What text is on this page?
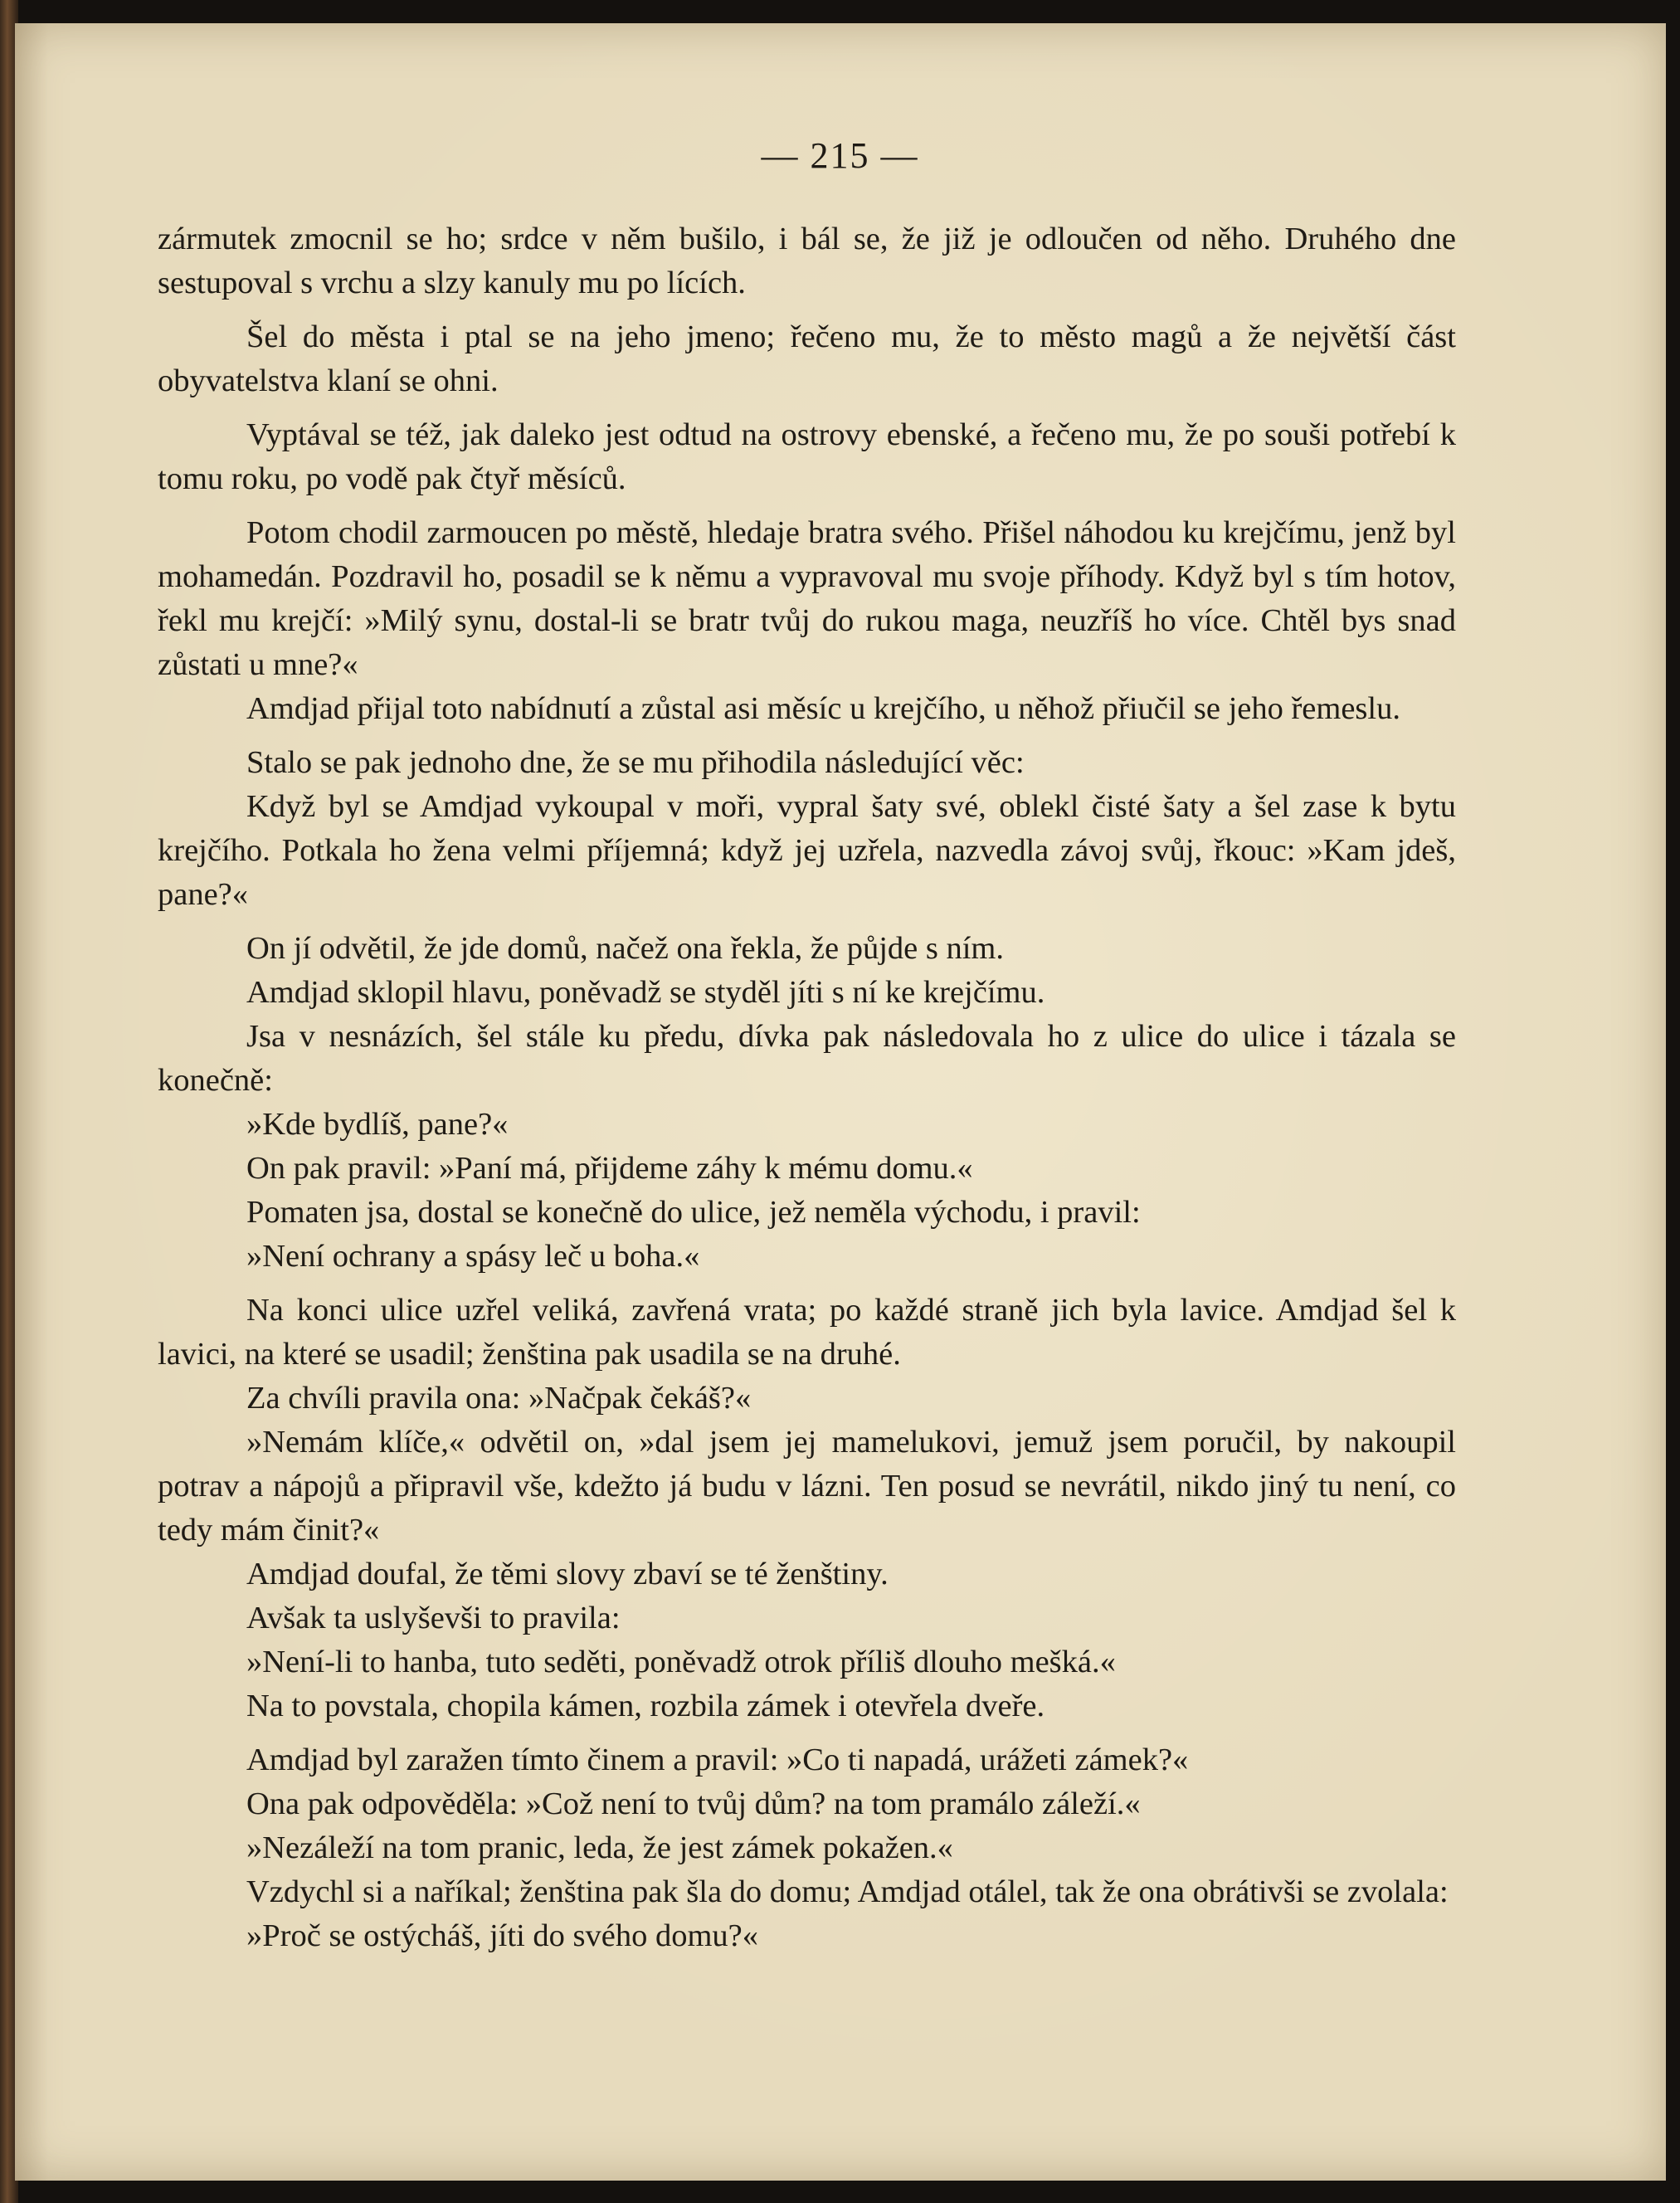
— 215 —

zármutek zmocnil se ho; srdce v něm bušilo, i bál se, že již je odloučen od něho. Druhého dne sestupoval s vrchu a slzy kanuly mu po lících.

Šel do města i ptal se na jeho jmeno; řečeno mu, že to město magů a že největší část obyvatelstva klaní se ohni.

Vyptával se též, jak daleko jest odtud na ostrovy ebenské, a řečeno mu, že po souši potřebí k tomu roku, po vodě pak čtyř měsíců.

Potom chodil zarmoucen po městě, hledaje bratra svého. Přišel náhodou ku krejčímu, jenž byl mohamedán. Pozdravil ho, posadil se k němu a vypravoval mu svoje příhody. Když byl s tím hotov, řekl mu krejčí: »Milý synu, dostal-li se bratr tvůj do rukou maga, neuzříš ho více. Chtěl bys snad zůstati u mne?«

Amdjad přijal toto nabídnutí a zůstal asi měsíc u krejčího, u něhož přiučil se jeho řemeslu.

Stalo se pak jednoho dne, že se mu přihodila následující věc:

Když byl se Amdjad vykoupal v moři, vypral šaty své, oblekl čisté šaty a šel zase k bytu krejčího. Potkala ho žena velmi příjemná; když jej uzřela, nazvedla závoj svůj, řkouc: »Kam jdeš, pane?«

On jí odvětil, že jde domů, načež ona řekla, že půjde s ním.

Amdjad sklopil hlavu, poněvadž se styděl jíti s ní ke krejčímu.

Jsa v nesnázích, šel stále ku předu, dívka pak následovala ho z ulice do ulice i tázala se konečně:

»Kde bydlíš, pane?«

On pak pravil: »Paní má, přijdeme záhy k mému domu.«

Pomaten jsa, dostal se konečně do ulice, jež neměla východu, i pravil:

»Není ochrany a spásy leč u boha.«

Na konci ulice uzřel veliká, zavřená vrata; po každé straně jich byla lavice. Amdjad šel k lavici, na které se usadil; ženština pak usadila se na druhé.

Za chvíli pravila ona: »Načpak čekáš?«

»Nemám klíče,« odvětil on, »dal jsem jej mamelukovi, jemuž jsem poručil, by nakoupil potrav a nápojů a připravil vše, kdežto já budu v lázni. Ten posud se nevrátil, nikdo jiný tu není, co tedy mám činit?«

Amdjad doufal, že těmi slovy zbaví se té ženštiny.

Avšak ta uslyševši to pravila:

»Není-li to hanba, tuto seděti, poněvadž otrok příliš dlouho mešká.«

Na to povstala, chopila kámen, rozbila zámek i otevřela dveře.

Amdjad byl zaražen tímto činem a pravil: »Co ti napadá, urážeti zámek?«

Ona pak odpověděla: »Což není to tvůj dům? na tom pramálo záleží.«

»Nezáleží na tom pranic, leda, že jest zámek pokažen.«

Vzdychl si a naříkal; ženština pak šla do domu; Amdjad otálel, tak že ona obrátivši se zvolala:

»Proč se ostýcháš, jíti do svého domu?«
